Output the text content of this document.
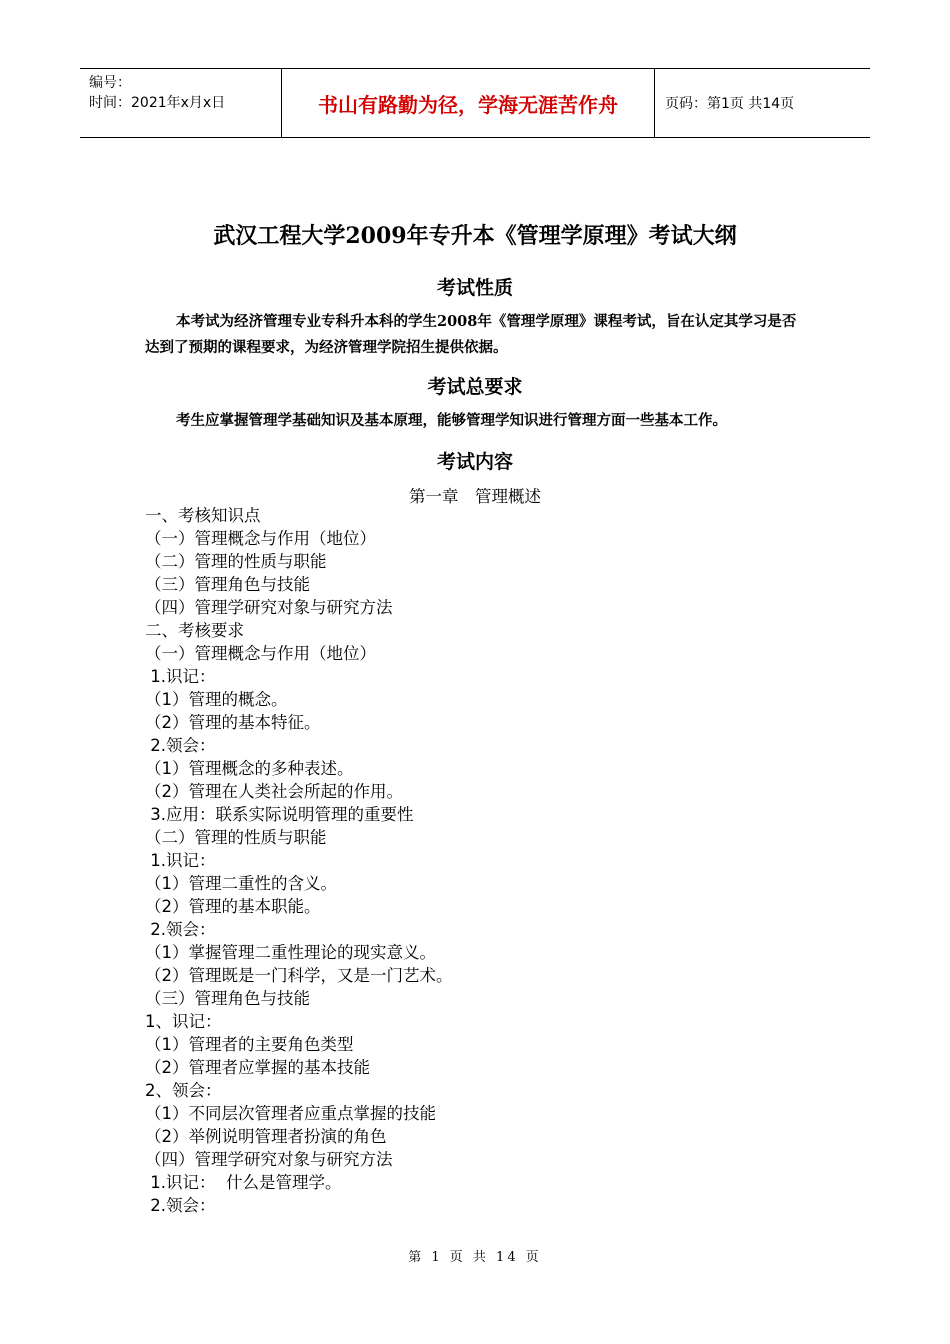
编号：
时间：2021年x月x日	书山有路勤为径，学海无涯苦作舟	页码：第1页 共14页
武汉工程大学2009年专升本《管理学原理》考试大纲
考试性质
本考试为经济管理专业专科升本科的学生2008年《管理学原理》课程考试，旨在认定其学习是否达到了预期的课程要求，为经济管理学院招生提供依据。
考试总要求
考生应掌握管理学基础知识及基本原理，能够管理学知识进行管理方面一些基本工作。
考试内容
第一章　管理概述
一、考核知识点
（一）管理概念与作用（地位）
（二）管理的性质与职能
（三）管理角色与技能
（四）管理学研究对象与研究方法
二、考核要求
（一）管理概念与作用（地位）
1.识记：
（1）管理的概念。
（2）管理的基本特征。
2.领会：
（1）管理概念的多种表述。
（2）管理在人类社会所起的作用。
3.应用：联系实际说明管理的重要性
（二）管理的性质与职能
1.识记：
（1）管理二重性的含义。
（2）管理的基本职能。
2.领会：
（1）掌握管理二重性理论的现实意义。
（2）管理既是一门科学，又是一门艺术。
（三）管理角色与技能
1、识记：
（1）管理者的主要角色类型
（2）管理者应掌握的基本技能
2、领会：
（1）不同层次管理者应重点掌握的技能
（2）举例说明管理者扮演的角色
（四）管理学研究对象与研究方法
1.识记：  什么是管理学。
2.领会：
第 1 页 共 14 页
